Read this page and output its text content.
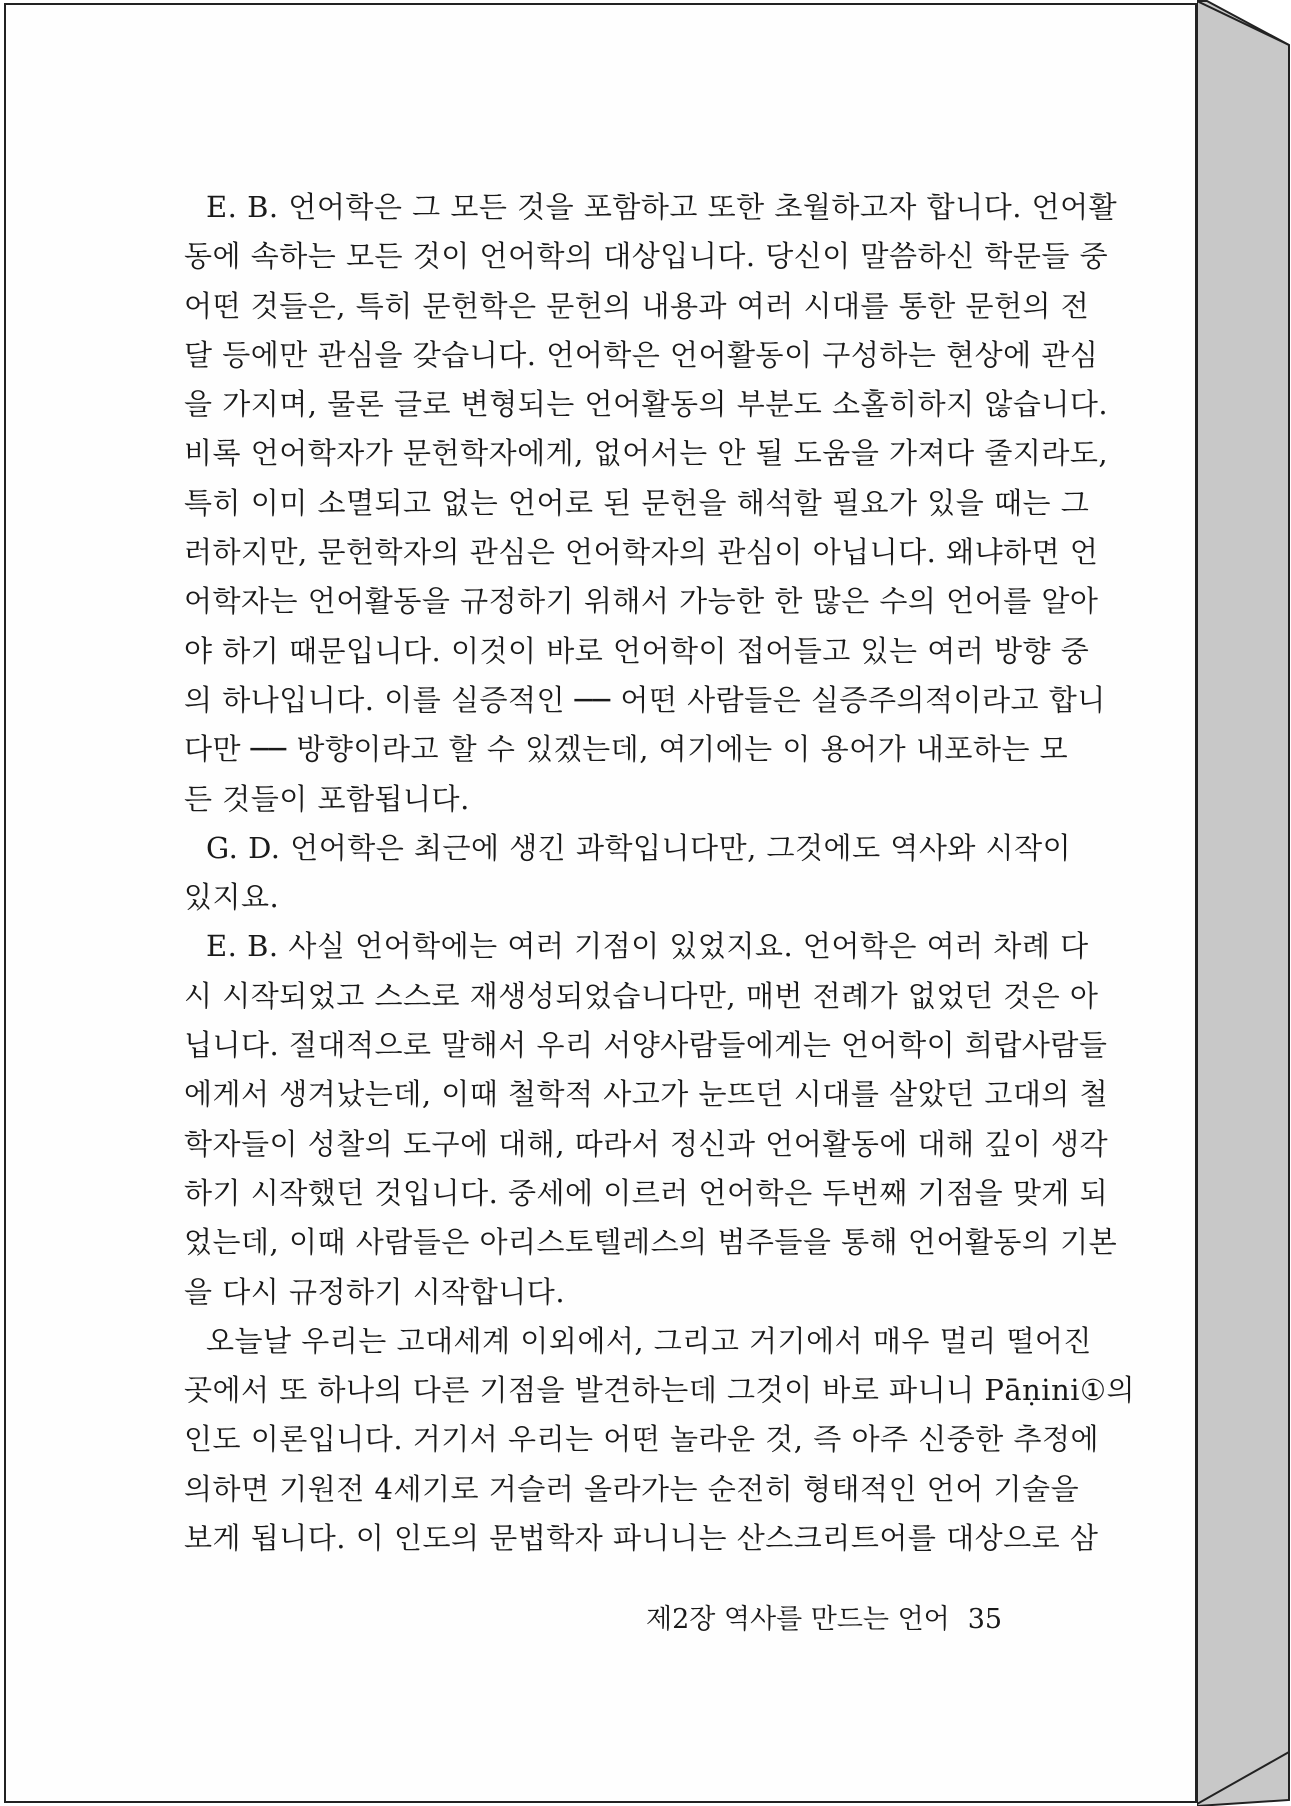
E. B. 언어학은 그 모든 것을 포함하고 또한 초월하고자 합니다. 언어활
동에 속하는 모든 것이 언어학의 대상입니다. 당신이 말씀하신 학문들 중
어떤 것들은, 특히 문헌학은 문헌의 내용과 여러 시대를 통한 문헌의 전
달 등에만 관심을 갖습니다. 언어학은 언어활동이 구성하는 현상에 관심
을 가지며, 물론 글로 변형되는 언어활동의 부분도 소홀히하지 않습니다.
비록 언어학자가 문헌학자에게, 없어서는 안 될 도움을 가져다 줄지라도,
특히 이미 소멸되고 없는 언어로 된 문헌을 해석할 필요가 있을 때는 그
러하지만, 문헌학자의 관심은 언어학자의 관심이 아닙니다. 왜냐하면 언
어학자는 언어활동을 규정하기 위해서 가능한 한 많은 수의 언어를 알아
야 하기 때문입니다. 이것이 바로 언어학이 접어들고 있는 여러 방향 중
의 하나입니다. 이를 실증적인 ── 어떤 사람들은 실증주의적이라고 합니
다만 ── 방향이라고 할 수 있겠는데, 여기에는 이 용어가 내포하는 모
든 것들이 포함됩니다.
G. D. 언어학은 최근에 생긴 과학입니다만, 그것에도 역사와 시작이
있지요.
E. B. 사실 언어학에는 여러 기점이 있었지요. 언어학은 여러 차례 다
시 시작되었고 스스로 재생성되었습니다만, 매번 전례가 없었던 것은 아
닙니다. 절대적으로 말해서 우리 서양사람들에게는 언어학이 희랍사람들
에게서 생겨났는데, 이때 철학적 사고가 눈뜨던 시대를 살았던 고대의 철
학자들이 성찰의 도구에 대해, 따라서 정신과 언어활동에 대해 깊이 생각
하기 시작했던 것입니다. 중세에 이르러 언어학은 두번째 기점을 맞게 되
었는데, 이때 사람들은 아리스토텔레스의 범주들을 통해 언어활동의 기본
을 다시 규정하기 시작합니다.
오늘날 우리는 고대세계 이외에서, 그리고 거기에서 매우 멀리 떨어진
곳에서 또 하나의 다른 기점을 발견하는데 그것이 바로 파니니 Pāṇini①의
인도 이론입니다. 거기서 우리는 어떤 놀라운 것, 즉 아주 신중한 추정에
의하면 기원전 4세기로 거슬러 올라가는 순전히 형태적인 언어 기술을
보게 됩니다. 이 인도의 문법학자 파니니는 산스크리트어를 대상으로 삼
제2장 역사를 만드는 언어 35
